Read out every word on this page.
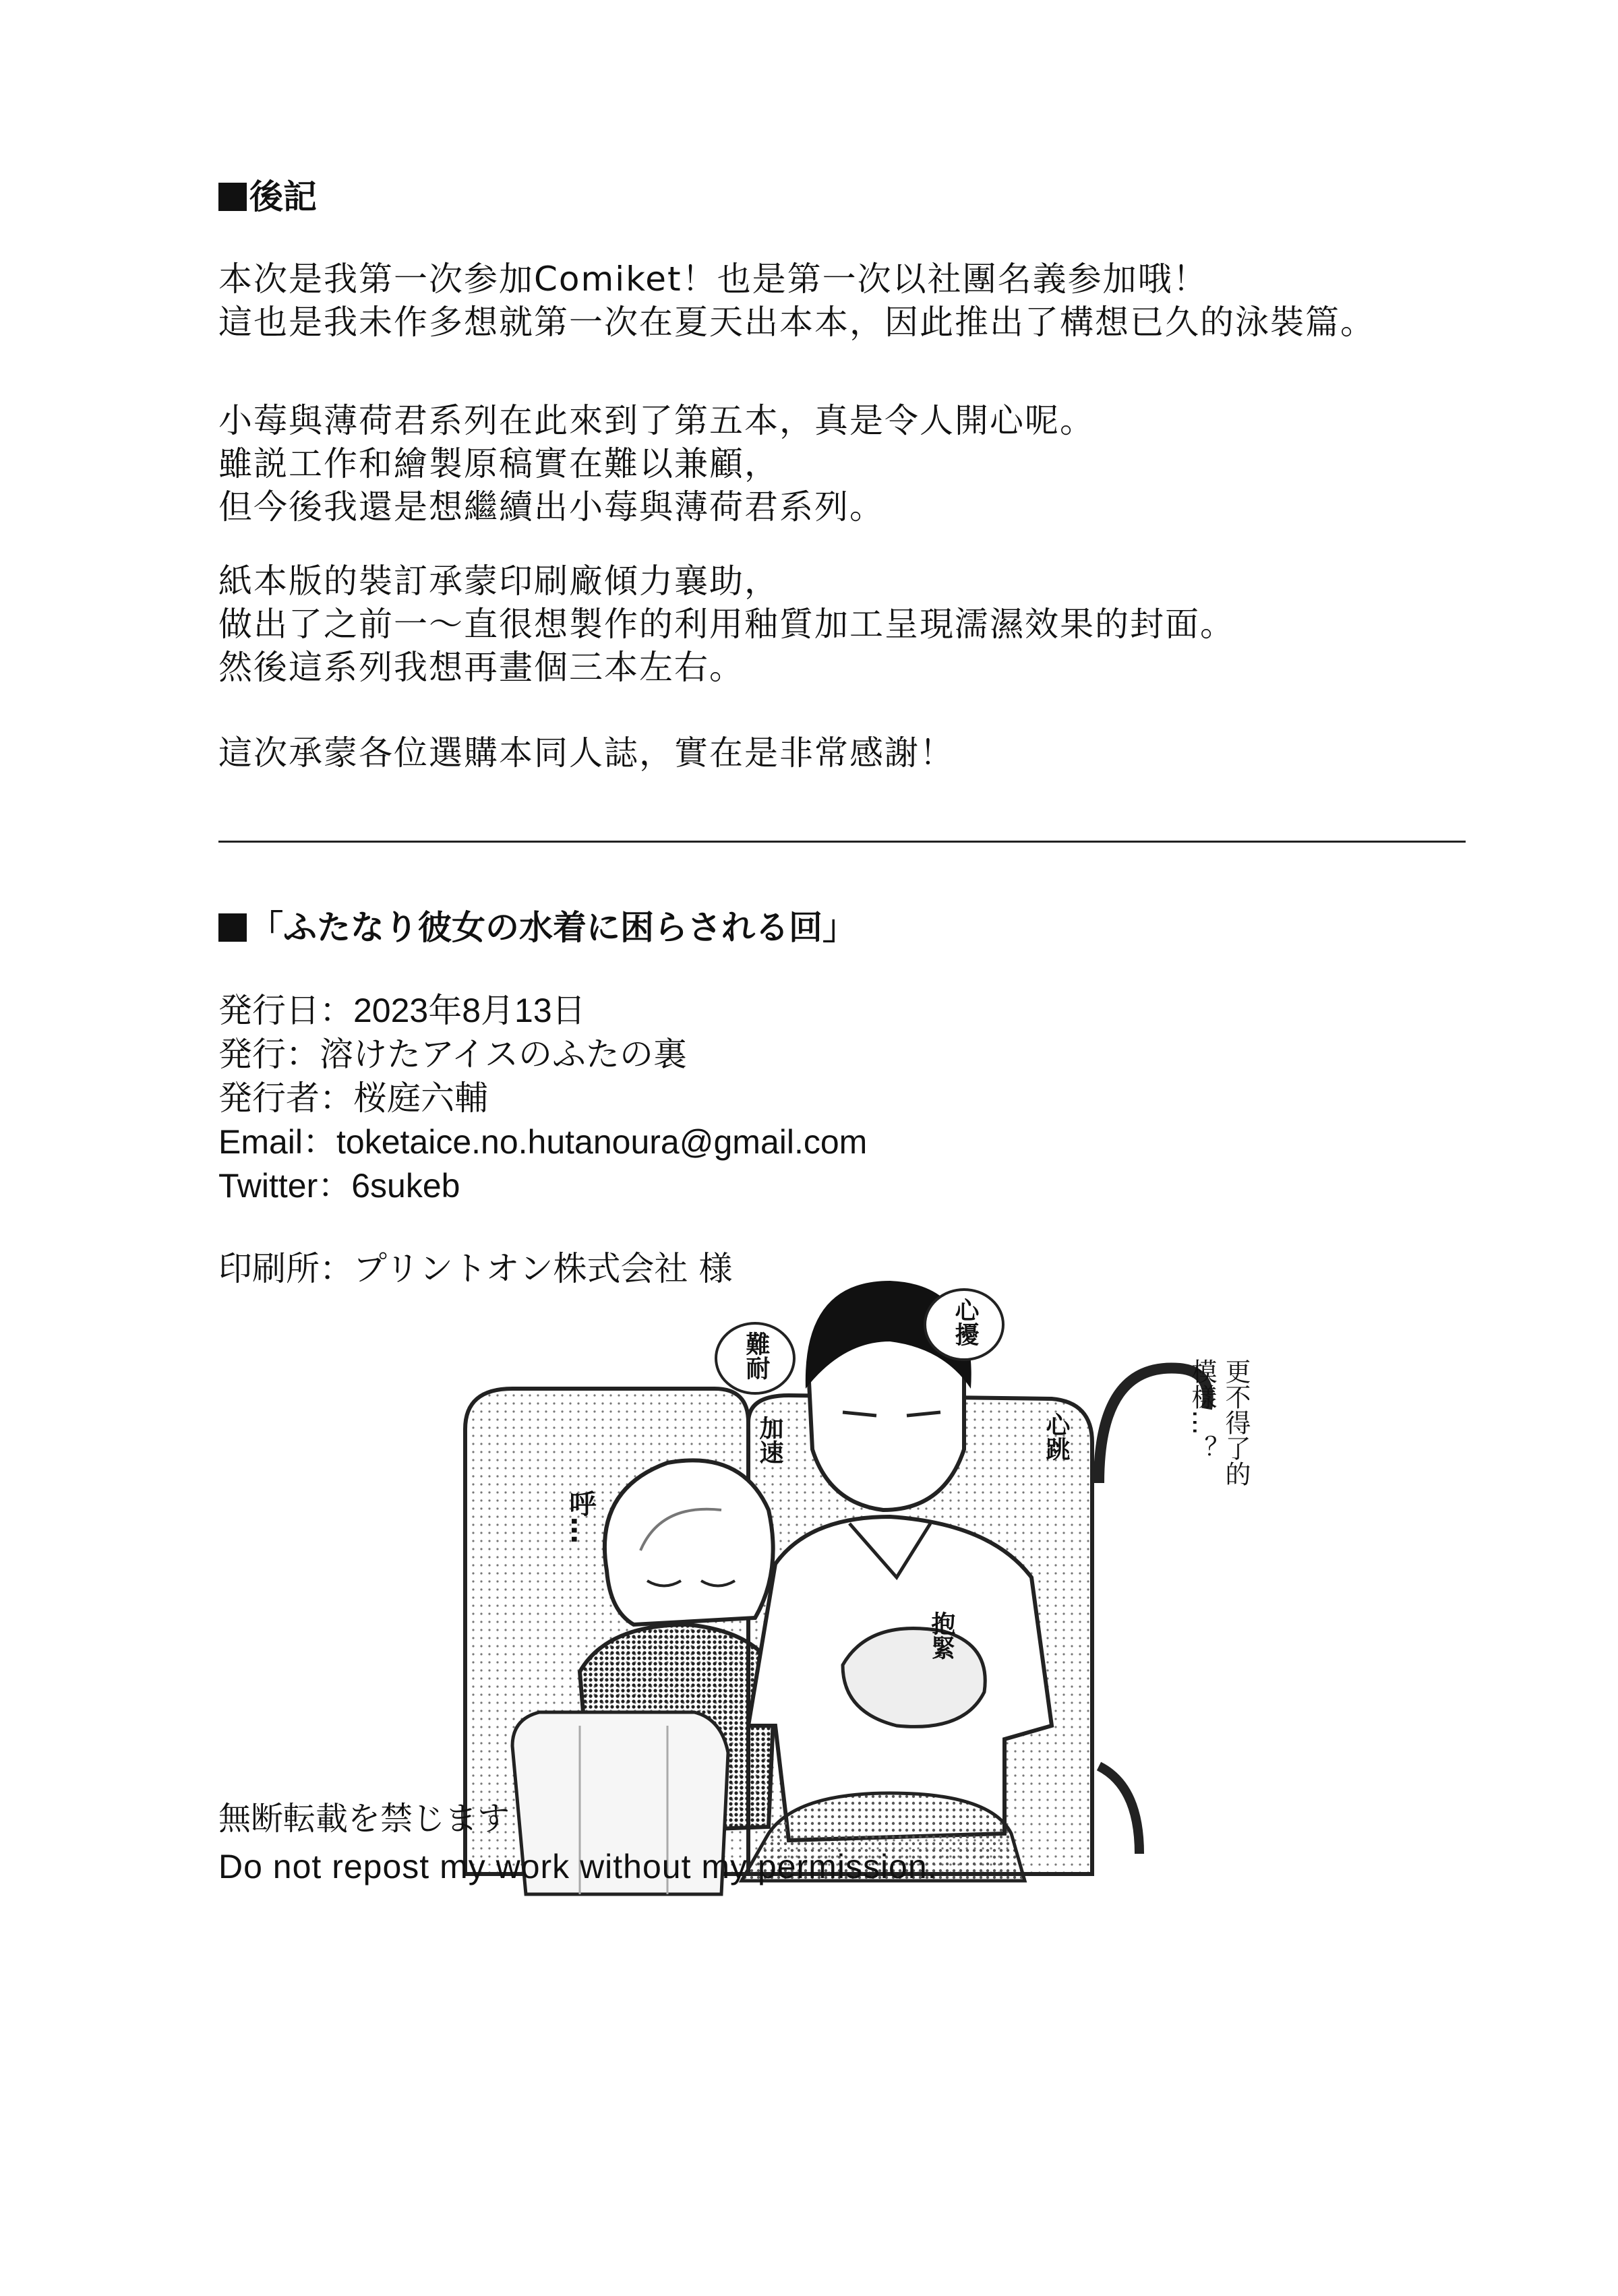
後記

本次是我第一次参加Comiket！也是第一次以社團名義参加哦！
這也是我未作多想就第一次在夏天出本本，因此推出了構想已久的泳裝篇。

小莓與薄荷君系列在此來到了第五本，真是令人開心呢。
雖説工作和繪製原稿實在難以兼顧，
但今後我還是想繼續出小莓與薄荷君系列。

紙本版的裝訂承蒙印刷廠傾力襄助，
做出了之前一～直很想製作的利用釉質加工呈現濡濕效果的封面。
然後這系列我想再畫個三本左右。

這次承蒙各位選購本同人誌，實在是非常感謝！

「ふたなり彼女の水着に困らされる回」

発行日：2023年8月13日
発行：溶けたアイスのふたの裏
発行者：桜庭六輔
Email：toketaice.no.hutanoura@gmail.com
Twitter：6sukeb

印刷所：プリントオン株式会社 様

難耐
心擾
加速	心跳
呼…
抱緊
更不得了的
模樣…？

無断転載を禁じます

Do not repost my work without my permission.
